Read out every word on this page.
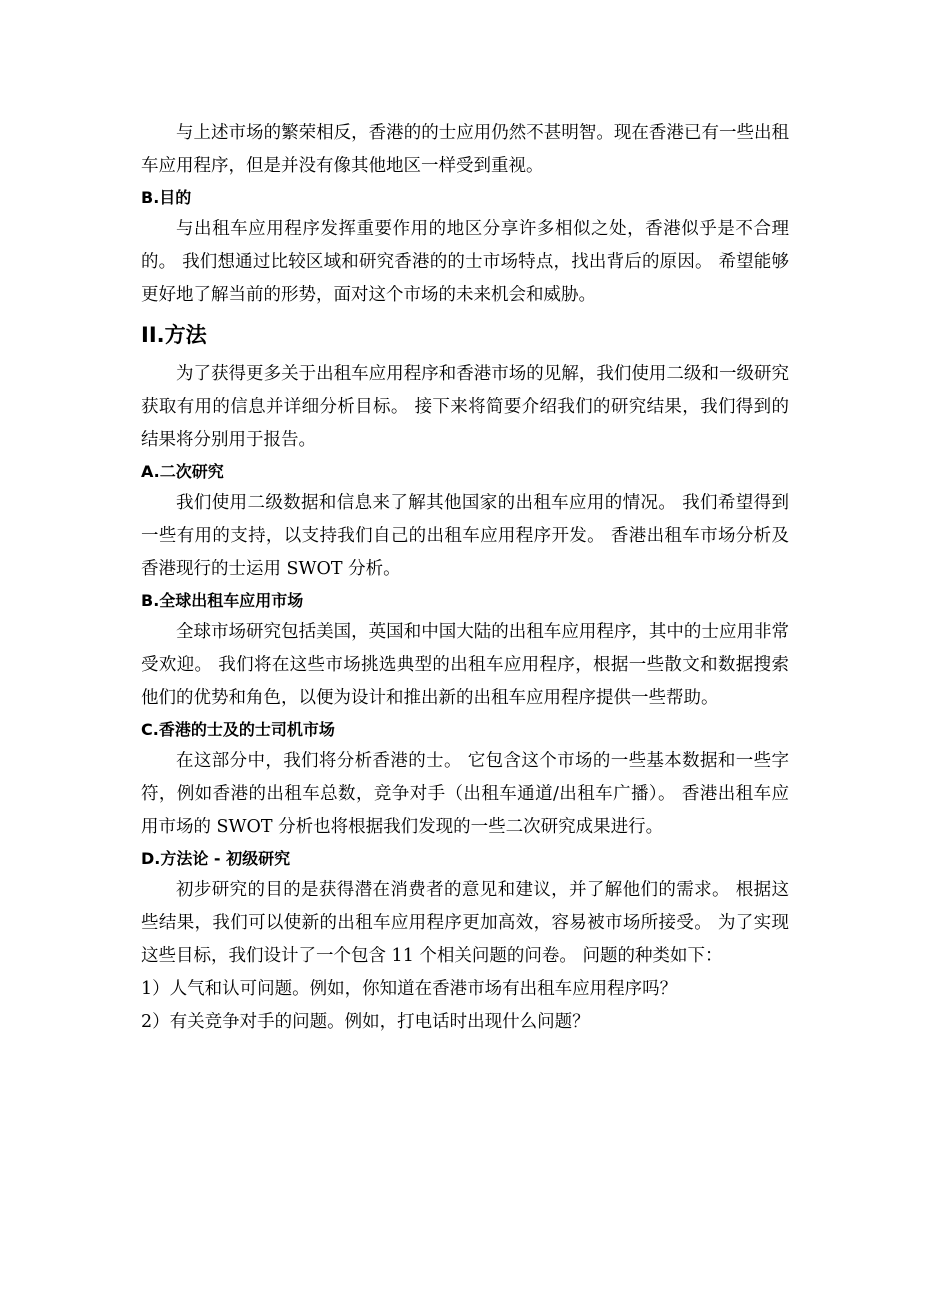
与上述市场的繁荣相反，香港的的士应用仍然不甚明智。现在香港已有一些出租车应用程序，但是并没有像其他地区一样受到重视。

B.目的

与出租车应用程序发挥重要作用的地区分享许多相似之处，香港似乎是不合理的。 我们想通过比较区域和研究香港的的士市场特点，找出背后的原因。 希望能够更好地了解当前的形势，面对这个市场的未来机会和威胁。

II.方法

为了获得更多关于出租车应用程序和香港市场的见解，我们使用二级和一级研究获取有用的信息并详细分析目标。 接下来将简要介绍我们的研究结果，我们得到的结果将分别用于报告。

A.二次研究

我们使用二级数据和信息来了解其他国家的出租车应用的情况。 我们希望得到一些有用的支持，以支持我们自己的出租车应用程序开发。 香港出租车市场分析及香港现行的士运用 SWOT 分析。

B.全球出租车应用市场

全球市场研究包括美国，英国和中国大陆的出租车应用程序，其中的士应用非常受欢迎。 我们将在这些市场挑选典型的出租车应用程序，根据一些散文和数据搜索他们的优势和角色，以便为设计和推出新的出租车应用程序提供一些帮助。

C.香港的士及的士司机市场

在这部分中，我们将分析香港的士。 它包含这个市场的一些基本数据和一些字符，例如香港的出租车总数，竞争对手（出租车通道/出租车广播）。 香港出租车应用市场的 SWOT 分析也将根据我们发现的一些二次研究成果进行。

D.方法论 - 初级研究

初步研究的目的是获得潜在消费者的意见和建议，并了解他们的需求。 根据这些结果，我们可以使新的出租车应用程序更加高效，容易被市场所接受。 为了实现这些目标，我们设计了一个包含 11 个相关问题的问卷。 问题的种类如下：

1）人气和认可问题。例如，你知道在香港市场有出租车应用程序吗？

2）有关竞争对手的问题。例如，打电话时出现什么问题？
